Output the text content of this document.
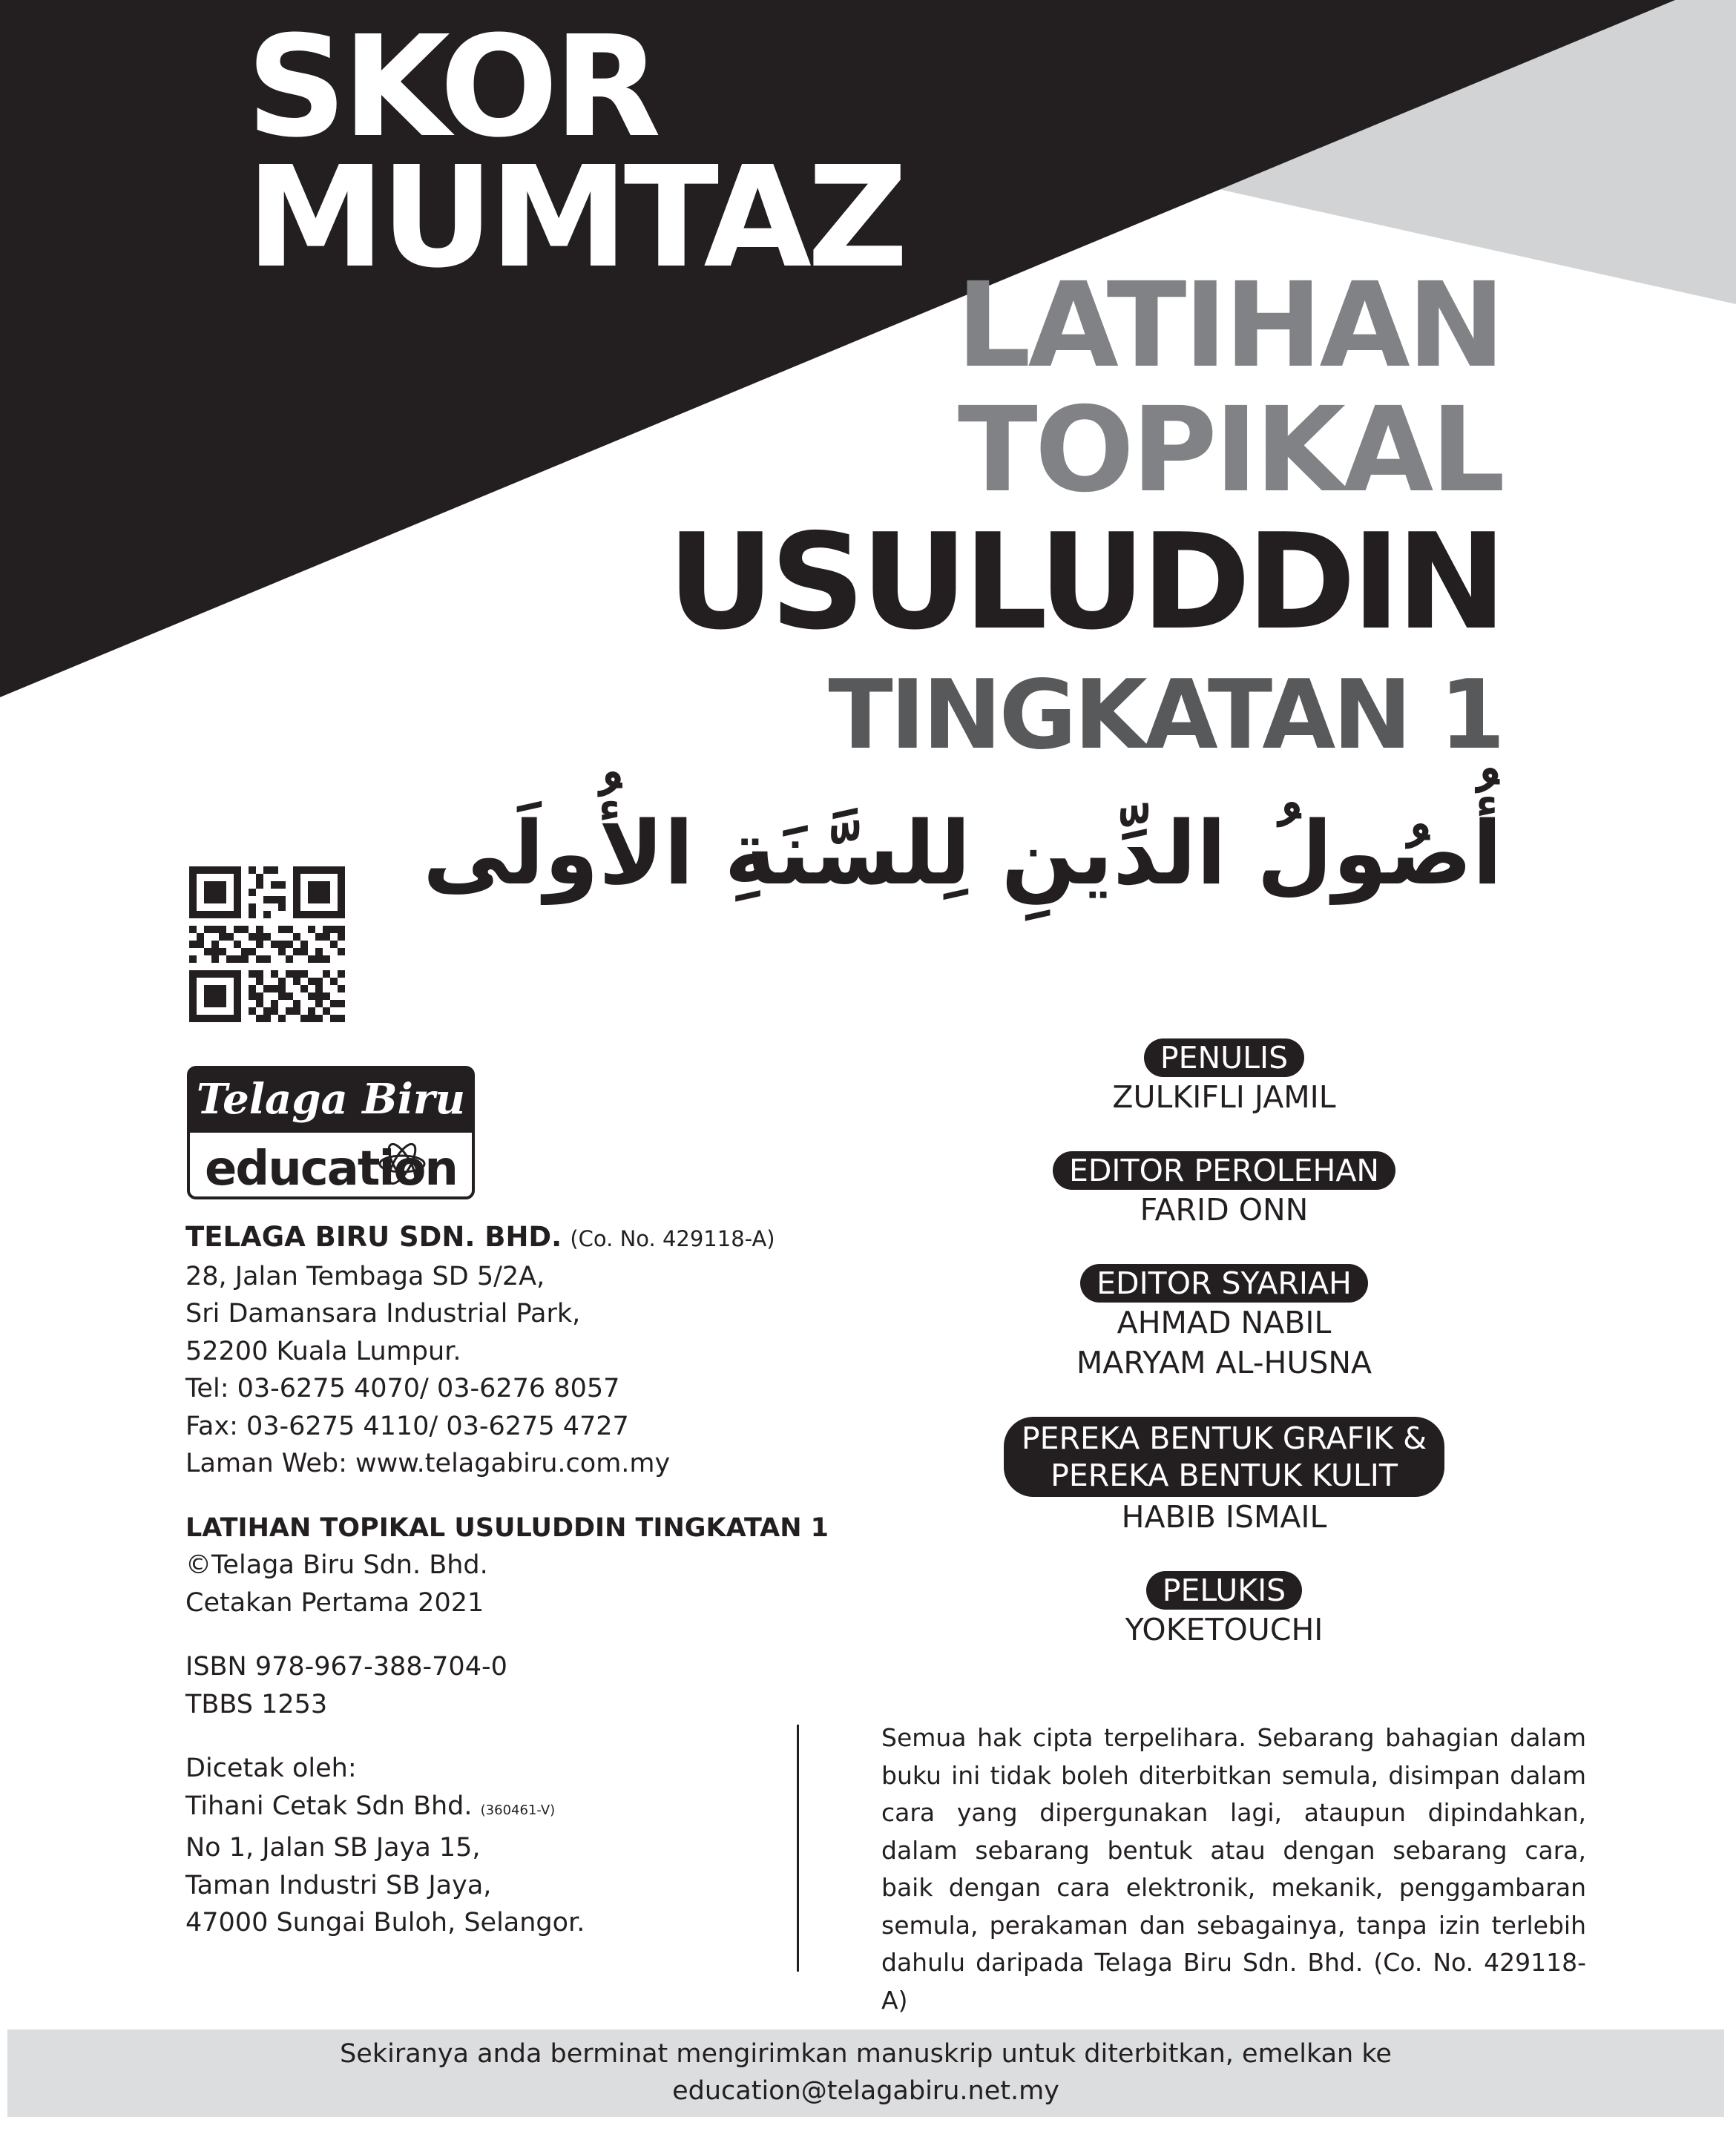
SKOR
MUMTAZ
LATIHAN
TOPIKAL
USULUDDIN
TINGKATAN 1
أُصُولُ الدِّينِ لِلسَّنَةِ الأُولَى
Telaga Biru
education
TELAGA BIRU SDN. BHD. (Co. No. 429118-A)
28, Jalan Tembaga SD 5/2A,
Sri Damansara Industrial Park,
52200 Kuala Lumpur.
Tel: 03-6275 4070/ 03-6276 8057
Fax: 03-6275 4110/ 03-6275 4727
Laman Web: www.telagabiru.com.my
LATIHAN TOPIKAL USULUDDIN TINGKATAN 1
©Telaga Biru Sdn. Bhd.
Cetakan Pertama 2021
ISBN 978-967-388-704-0
TBBS 1253
Dicetak oleh:
Tihani Cetak Sdn Bhd. (360461-V)
No 1, Jalan SB Jaya 15,
Taman Industri SB Jaya,
47000 Sungai Buloh, Selangor.
PENULIS
ZULKIFLI JAMIL
EDITOR PEROLEHAN
FARID ONN
EDITOR SYARIAH
AHMAD NABIL
MARYAM AL-HUSNA
PEREKA BENTUK GRAFIK &
PEREKA BENTUK KULIT
HABIB ISMAIL
PELUKIS
YOKETOUCHI
Semua hak cipta terpelihara. Sebarang bahagian dalam buku ini tidak boleh diterbitkan semula, disimpan dalam cara yang dipergunakan lagi, ataupun dipindahkan, dalam sebarang bentuk atau dengan sebarang cara, baik dengan cara elektronik, mekanik, penggambaran semula, perakaman dan sebagainya, tanpa izin terlebih dahulu daripada Telaga Biru Sdn. Bhd. (Co. No. 429118-A)
Sekiranya anda berminat mengirimkan manuskrip untuk diterbitkan, emelkan ke
education@telagabiru.net.my
